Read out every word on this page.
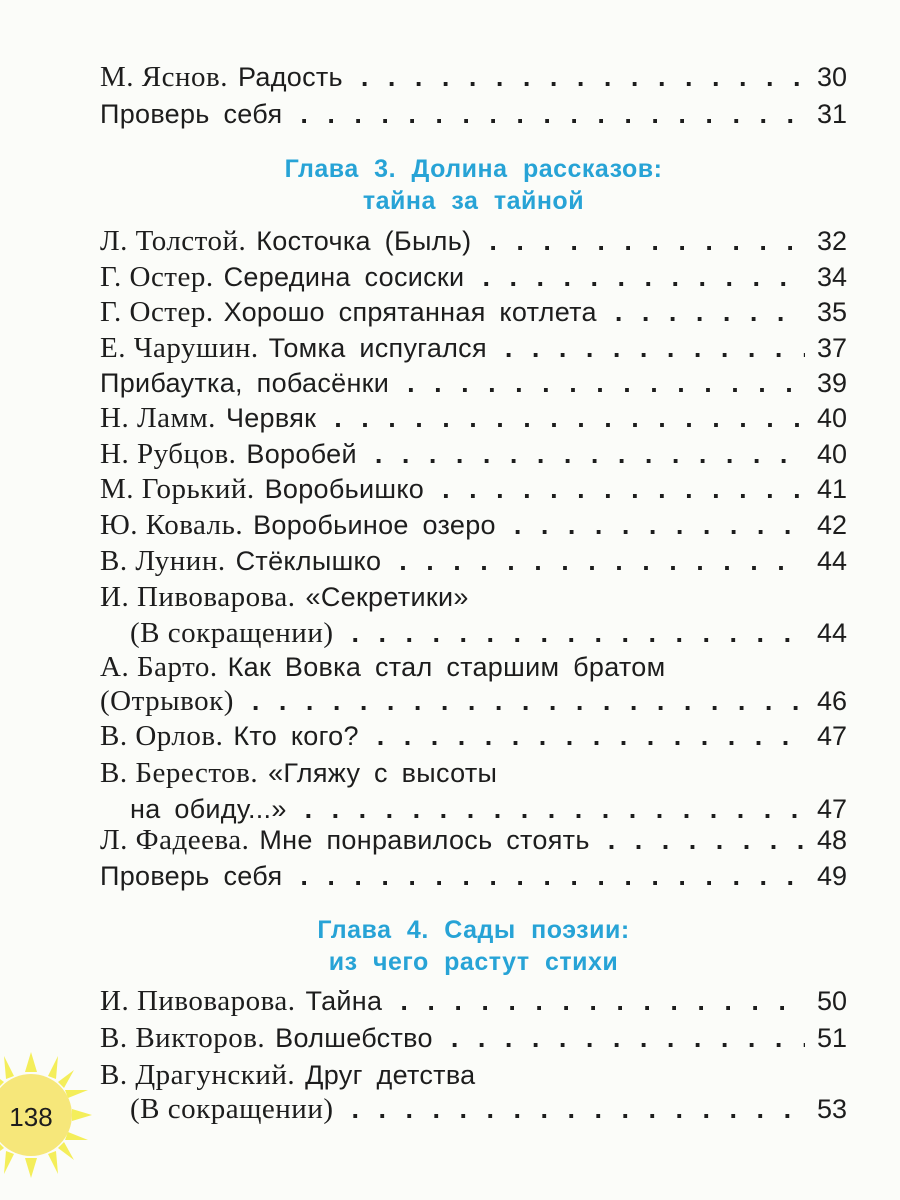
М. Яснов. Радость . . .	30
Проверь себя . . .	31
Глава 3. Долина рассказов:
тайна за тайной
Л. Толстой. Косточка (Быль) . . .	32
Г. Остер. Середина сосиски . . .	34
Г. Остер. Хорошо спрятанная котлета . . .	35
Е. Чарушин. Томка испугался . . .	37
Прибаутка, побасёнки . . .	39
Н. Ламм. Червяк . . .	40
Н. Рубцов. Воробей . . .	40
М. Горький. Воробьишко . . .	41
Ю. Коваль. Воробьиное озеро . . .	42
В. Лунин. Стёклышко . . .	44
И. Пивоварова. «Секретики»
(В сокращении) . . .	44
А. Барто. Как Вовка стал старшим братом
(Отрывок) . . .	46
В. Орлов. Кто кого? . . .	47
В. Берестов. «Гляжу с высоты
на обиду...» . . .	47
Л. Фадеева. Мне понравилось стоять . . .	48
Проверь себя . . .	49
Глава 4. Сады поэзии:
из чего растут стихи
И. Пивоварова. Тайна . . .	50
В. Викторов. Волшебство . . .	51
В. Драгунский. Друг детства
(В сокращении) . . .	53
138
